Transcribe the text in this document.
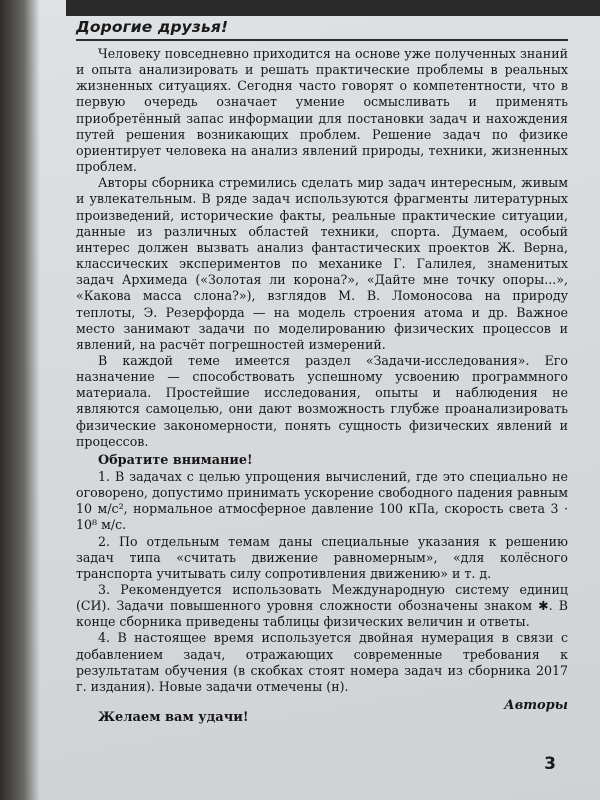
Дорогие друзья!

Человеку повседневно приходится на основе уже полученных знаний и опыта анализировать и решать практические проблемы в реальных жизненных ситуациях. Сегодня часто говорят о компетентности, что в первую очередь означает умение осмысливать и применять приобретённый запас информации для постановки задач и нахождения путей решения возникающих проблем. Решение задач по физике ориентирует человека на анализ явлений природы, техники, жизненных проблем.

Авторы сборника стремились сделать мир задач интересным, живым и увлекательным. В ряде задач используются фрагменты литературных произведений, исторические факты, реальные практические ситуации, данные из различных областей техники, спорта. Думаем, особый интерес должен вызвать анализ фантастических проектов Ж. Верна, классических экспериментов по механике Г. Галилея, знаменитых задач Архимеда («Золотая ли корона?», «Дайте мне точку опоры...», «Какова масса слона?»), взглядов М. В. Ломоносова на природу теплоты, Э. Резерфорда — на модель строения атома и др. Важное место занимают задачи по моделированию физических процессов и явлений, на расчёт погрешностей измерений.

В каждой теме имеется раздел «Задачи-исследования». Его назначение — способствовать успешному усвоению программного материала. Простейшие исследования, опыты и наблюдения не являются самоцелью, они дают возможность глубже проанализировать физические закономерности, понять сущность физических явлений и процессов.

Обратите внимание!

1. В задачах с целью упрощения вычислений, где это специально не оговорено, допустимо принимать ускорение свободного падения равным 10 м/с², нормальное атмосферное давление 100 кПа, скорость света 3 · 10⁸ м/с.

2. По отдельным темам даны специальные указания к решению задач типа «считать движение равномерным», «для колёсного транспорта учитывать силу сопротивления движению» и т. д.

3. Рекомендуется использовать Международную систему единиц (СИ). Задачи повышенного уровня сложности обозначены знаком ✱. В конце сборника приведены таблицы физических величин и ответы.

4. В настоящее время используется двойная нумерация в связи с добавлением задач, отражающих современные требования к результатам обучения (в скобках стоят номера задач из сборника 2017 г. издания). Новые задачи отмечены (н).

Авторы
Желаем вам удачи!
3
